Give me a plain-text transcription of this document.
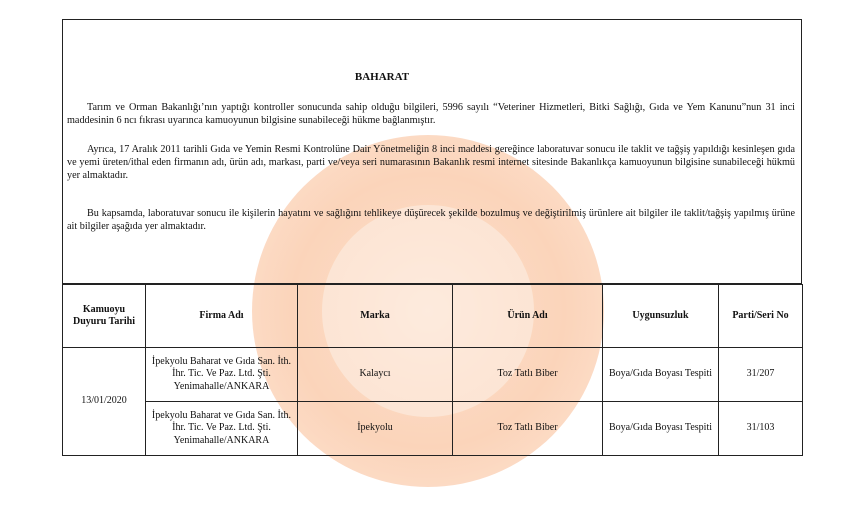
BAHARAT

Tarım ve Orman Bakanlığı’nın yaptığı kontroller sonucunda sahip olduğu bilgileri, 5996 sayılı “Veteriner Hizmetleri, Bitki Sağlığı, Gıda ve Yem Kanunu”nun 31 inci maddesinin 6 ncı fıkrası uyarınca kamuoyunun bilgisine sunabileceği hükme bağlanmıştır.

Ayrıca, 17 Aralık 2011 tarihli Gıda ve Yemin Resmi Kontrolüne Dair Yönetmeliğin 8 inci maddesi gereğince laboratuvar sonucu ile taklit ve tağşiş yapıldığı kesinleşen gıda ve yemi üreten/ithal eden firmanın adı, ürün adı, markası, parti ve/veya seri numarasının Bakanlık resmi internet sitesinde Bakanlıkça kamuoyunun bilgisine sunabileceği hükmü yer almaktadır.

Bu kapsamda, laboratuvar sonucu ile kişilerin hayatını ve sağlığını tehlikeye düşürecek şekilde bozulmuş ve değiştirilmiş ürünlere ait bilgiler ile taklit/tağşiş yapılmış ürüne ait bilgiler aşağıda yer almaktadır.

Kamuoyu Duyuru Tarihi	Firma Adı	Marka	Ürün Adı	Uygunsuzluk	Parti/Seri No
13/01/2020	İpekyolu Baharat ve Gıda San. İth. İhr. Tic. Ve Paz. Ltd. Şti. Yenimahalle/ANKARA	Kalaycı	Toz Tatlı Biber	Boya/Gıda Boyası Tespiti	31/207
	İpekyolu Baharat ve Gıda San. İth. İhr. Tic. Ve Paz. Ltd. Şti. Yenimahalle/ANKARA	İpekyolu	Toz Tatlı Biber	Boya/Gıda Boyası Tespiti	31/103
